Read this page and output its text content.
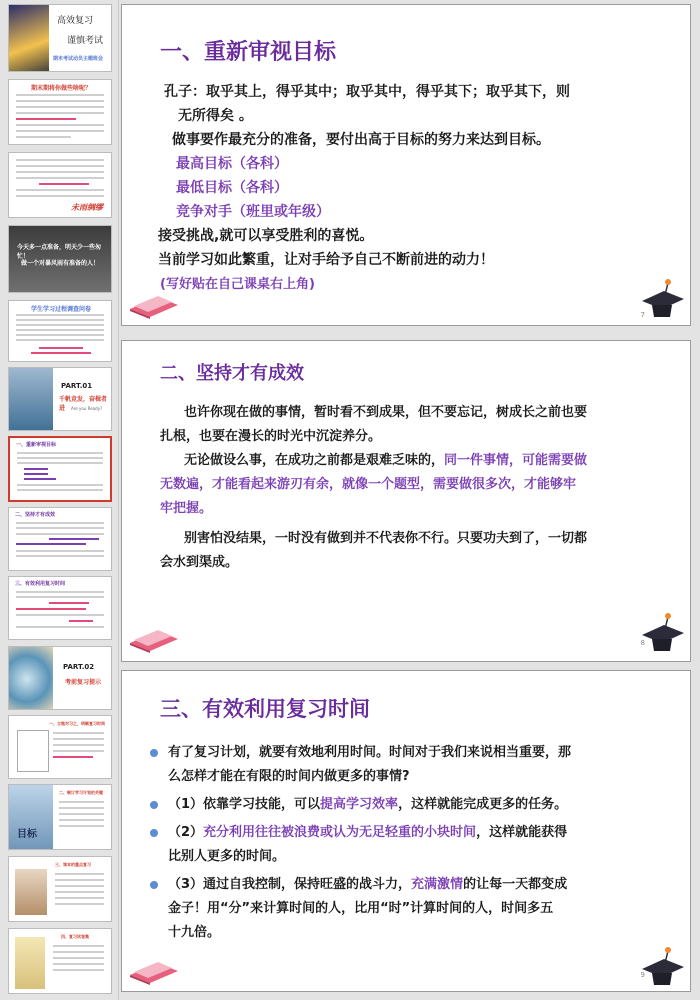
高效复习
谨慎考试
期末考试动员主题班会
期末期将你做些啥呢？
未雨绸缪
今天多一点准备，明天少一些匆忙！
做一个对暴风雨有准备的人！
学生学习过程调查问卷
PART.01
千帆竞发，奋楫者进	Are you Ready?
一、重新审视目标
二、坚持才有成效
三、有效利用复习时间
PART.02
考前复习提示
一、立楷对习之，明晰复习时间
目标
二、制订学习计划的关键
三、课本的重点复习
四、复习试卷集
一、重新审视目标
孔子：取乎其上，得乎其中；取乎其中，得乎其下；取乎其下，则
无所得矣 。
做事要作最充分的准备，要付出高于目标的努力来达到目标。
最高目标（各科）
最低目标（各科）
竞争对手（班里或年级）
接受挑战,就可以享受胜利的喜悦。
当前学习如此繁重，让对手给予自己不断前进的动力！
(写好贴在自己课桌右上角)
7
二、坚持才有成效
也许你现在做的事情，暂时看不到成果，但不要忘记，树成长之前也要
扎根，也要在漫长的时光中沉淀养分。
无论做设么事，在成功之前都是艰难乏味的，同一件事情，可能需要做
无数遍，才能看起来游刃有余，就像一个题型，需要做很多次，才能够牢
牢把握。
别害怕没结果，一时没有做到并不代表你不行。只要功夫到了，一切都
会水到渠成。
8
三、有效利用复习时间
有了复习计划，就要有效地利用时间。时间对于我们来说相当重要，那
么怎样才能在有限的时间内做更多的事情?
（1）依靠学习技能，可以提高学习效率，这样就能完成更多的任务。
（2）充分利用往往被浪费或认为无足轻重的小块时间，这样就能获得
比别人更多的时间。
（3）通过自我控制，保持旺盛的战斗力，充满激情的让每一天都变成
金子！用“分”来计算时间的人，比用“时”计算时间的人，时间多五
十九倍。
9
